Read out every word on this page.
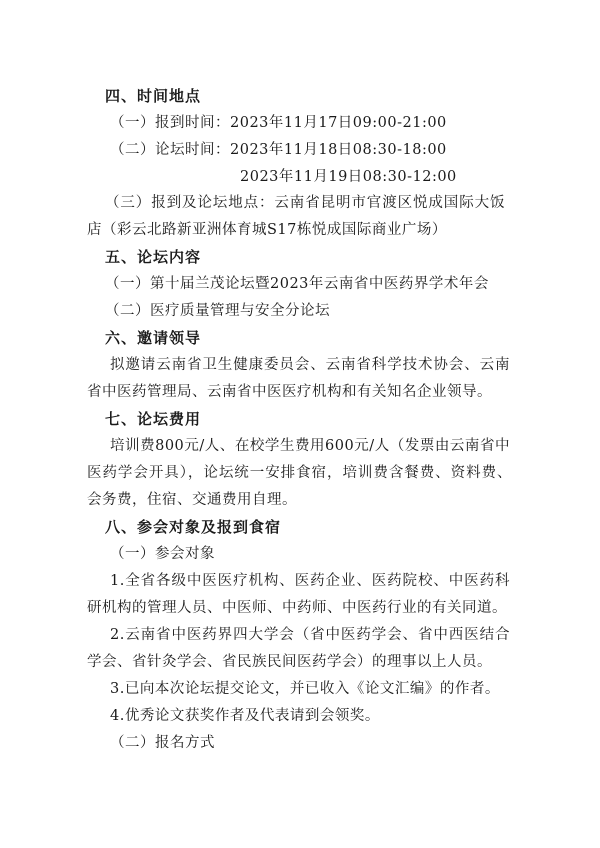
四、时间地点
（一）报到时间：2023年11月17日09:00-21:00
（二）论坛时间：2023年11月18日08:30-18:00
2023年11月19日08:30-12:00
（三）报到及论坛地点：云南省昆明市官渡区悦成国际大饭
店（彩云北路新亚洲体育城S17栋悦成国际商业广场）
五、论坛内容
（一）第十届兰茂论坛暨2023年云南省中医药界学术年会
（二）医疗质量管理与安全分论坛
六、邀请领导
拟邀请云南省卫生健康委员会、云南省科学技术协会、云南
省中医药管理局、云南省中医医疗机构和有关知名企业领导。
七、论坛费用
培训费800元/人、在校学生费用600元/人（发票由云南省中
医药学会开具），论坛统一安排食宿，培训费含餐费、资料费、
会务费，住宿、交通费用自理。
八、参会对象及报到食宿
（一）参会对象
1.全省各级中医医疗机构、医药企业、医药院校、中医药科
研机构的管理人员、中医师、中药师、中医药行业的有关同道。
2.云南省中医药界四大学会（省中医药学会、省中西医结合
学会、省针灸学会、省民族民间医药学会）的理事以上人员。
3.已向本次论坛提交论文，并已收入《论文汇编》的作者。
4.优秀论文获奖作者及代表请到会领奖。
（二）报名方式
